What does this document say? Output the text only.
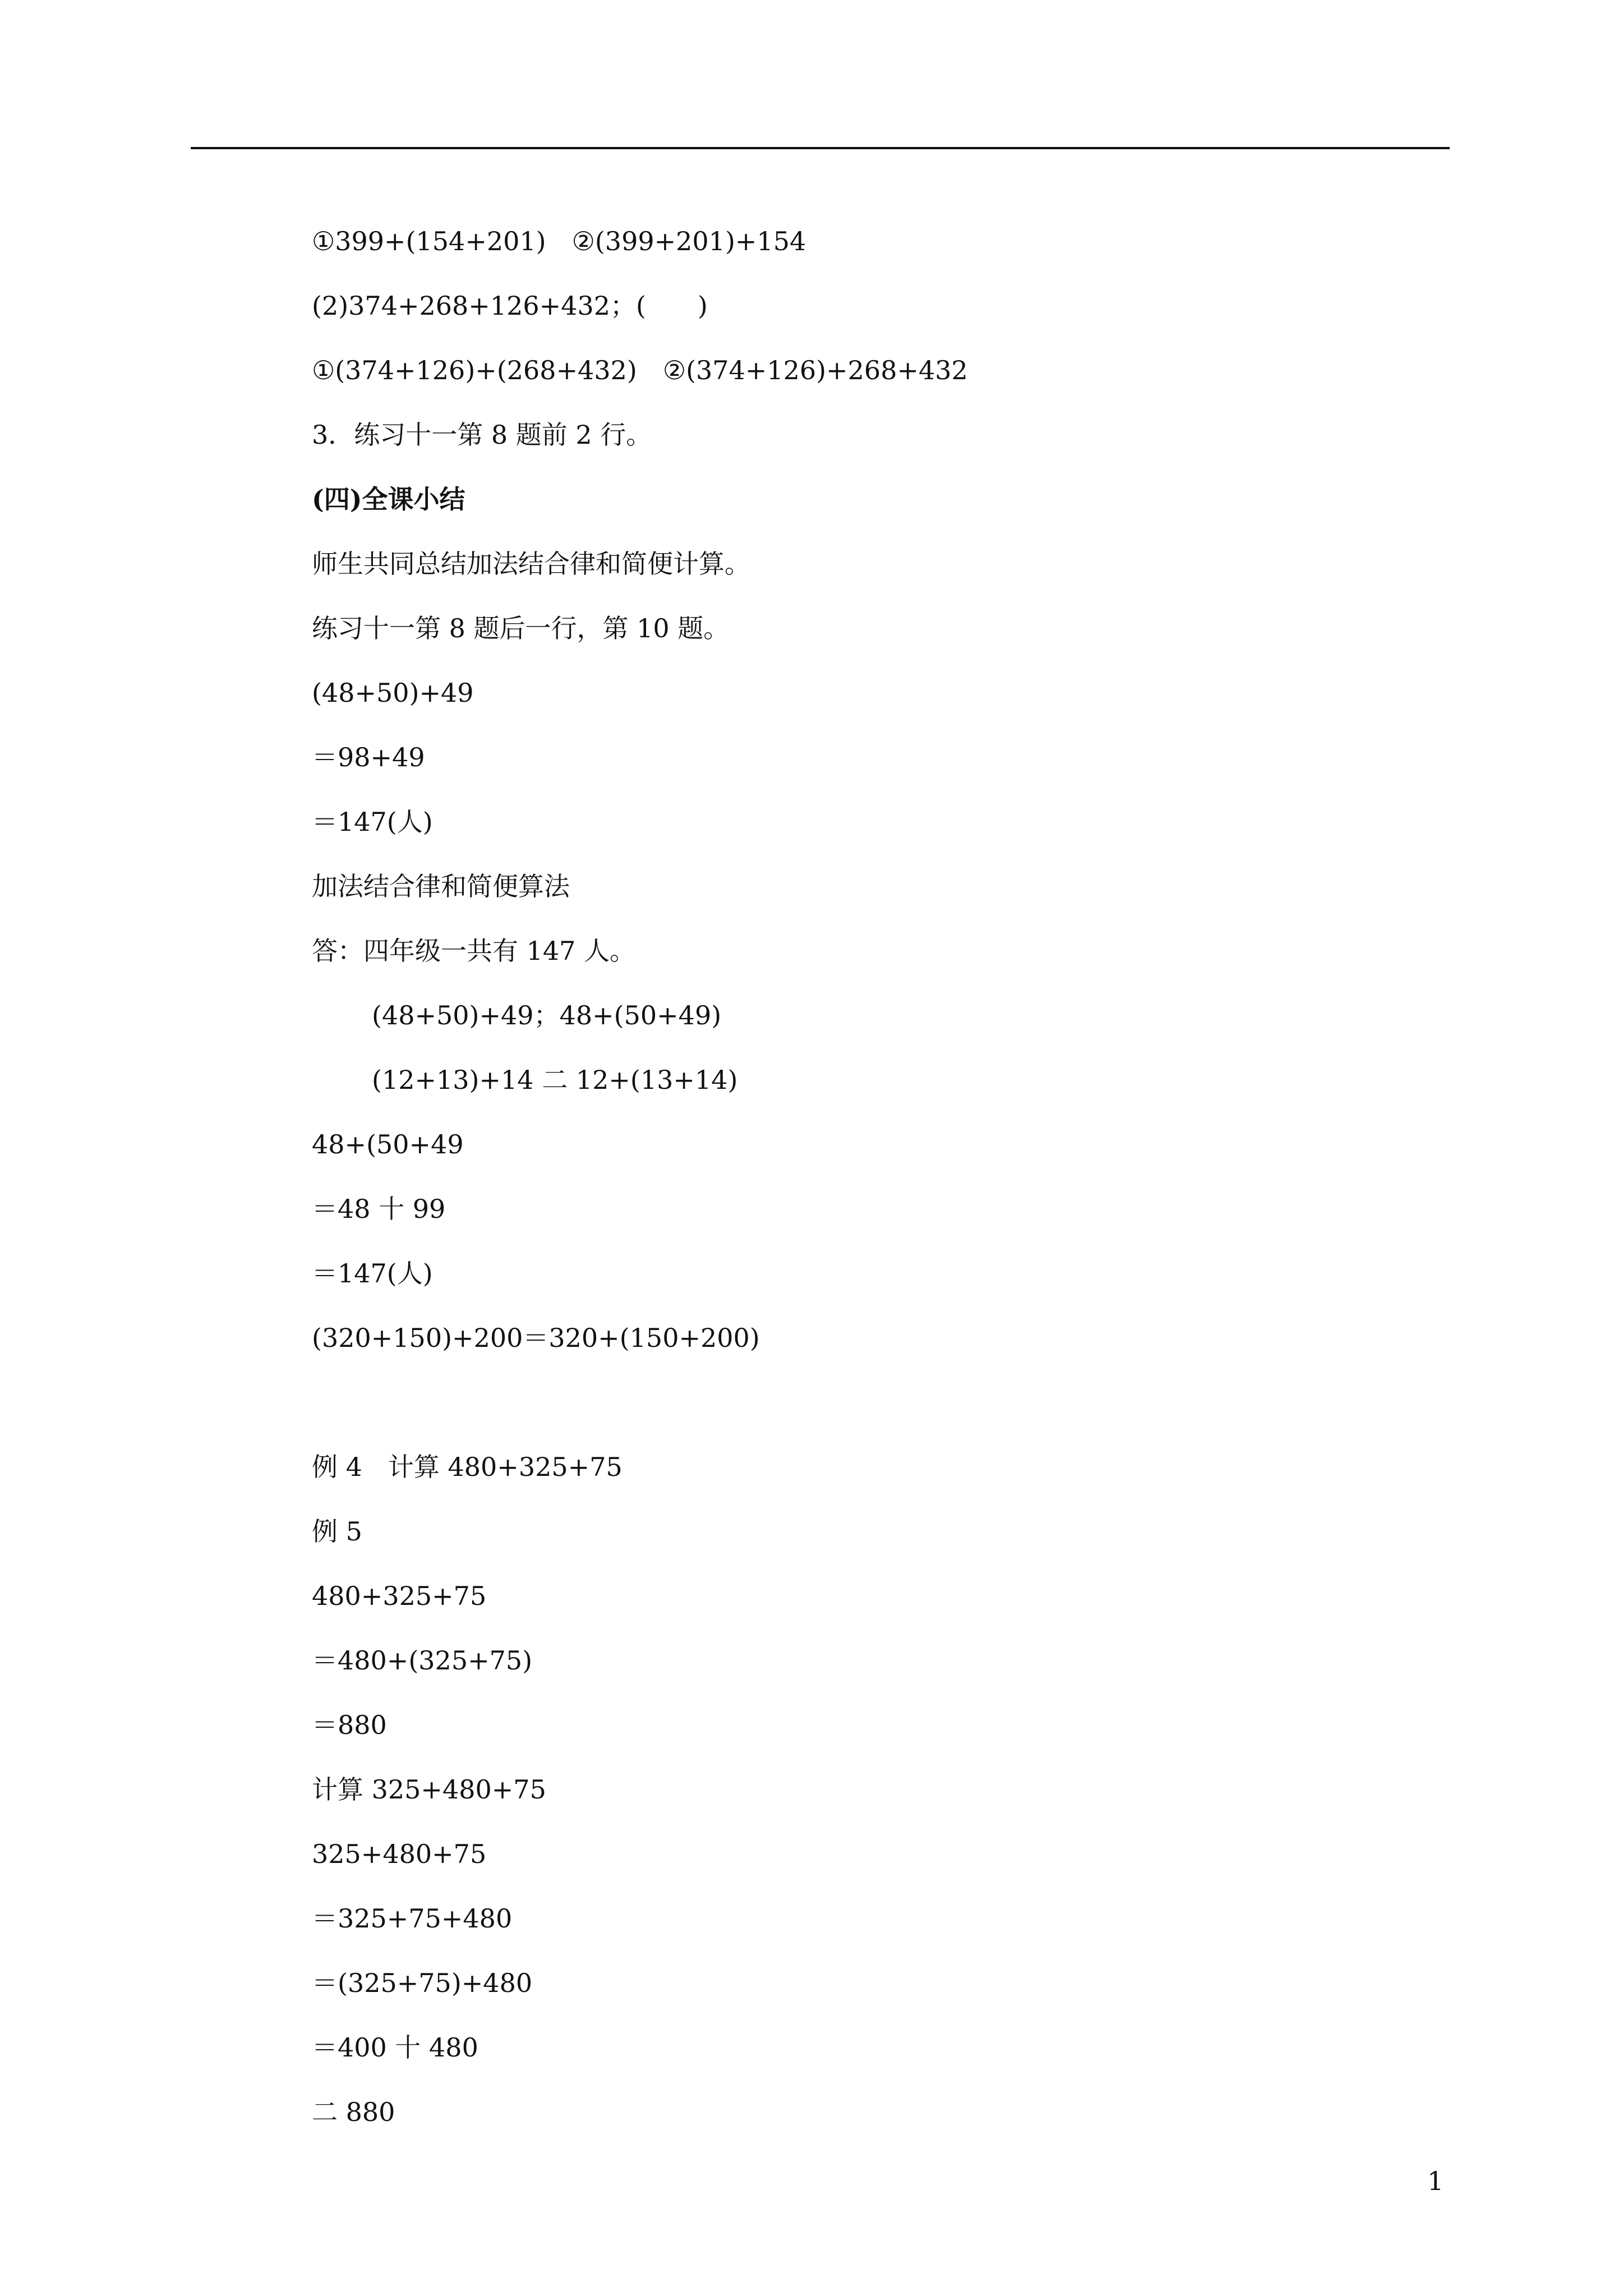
①399+(154+201)　②(399+201)+154
(2)374+268+126+432；(　　)
①(374+126)+(268+432)　②(374+126)+268+432
3．练习十一第 8 题前 2 行。
(四)全课小结
师生共同总结加法结合律和简便计算。
练习十一第 8 题后一行，第 10 题。
(48+50)+49
＝98+49
＝147(人)
加法结合律和简便算法
答：四年级一共有 147 人。
(48+50)+49；48+(50+49)
(12+13)+14 二 12+(13+14)
48+(50+49
＝48 十 99
＝147(人)
(320+150)+200＝320+(150+200)
例 4　计算 480+325+75
例 5
480+325+75
＝480+(325+75)
＝880
计算 325+480+75
325+480+75
＝325+75+480
＝(325+75)+480
＝400 十 480
二 880
1
